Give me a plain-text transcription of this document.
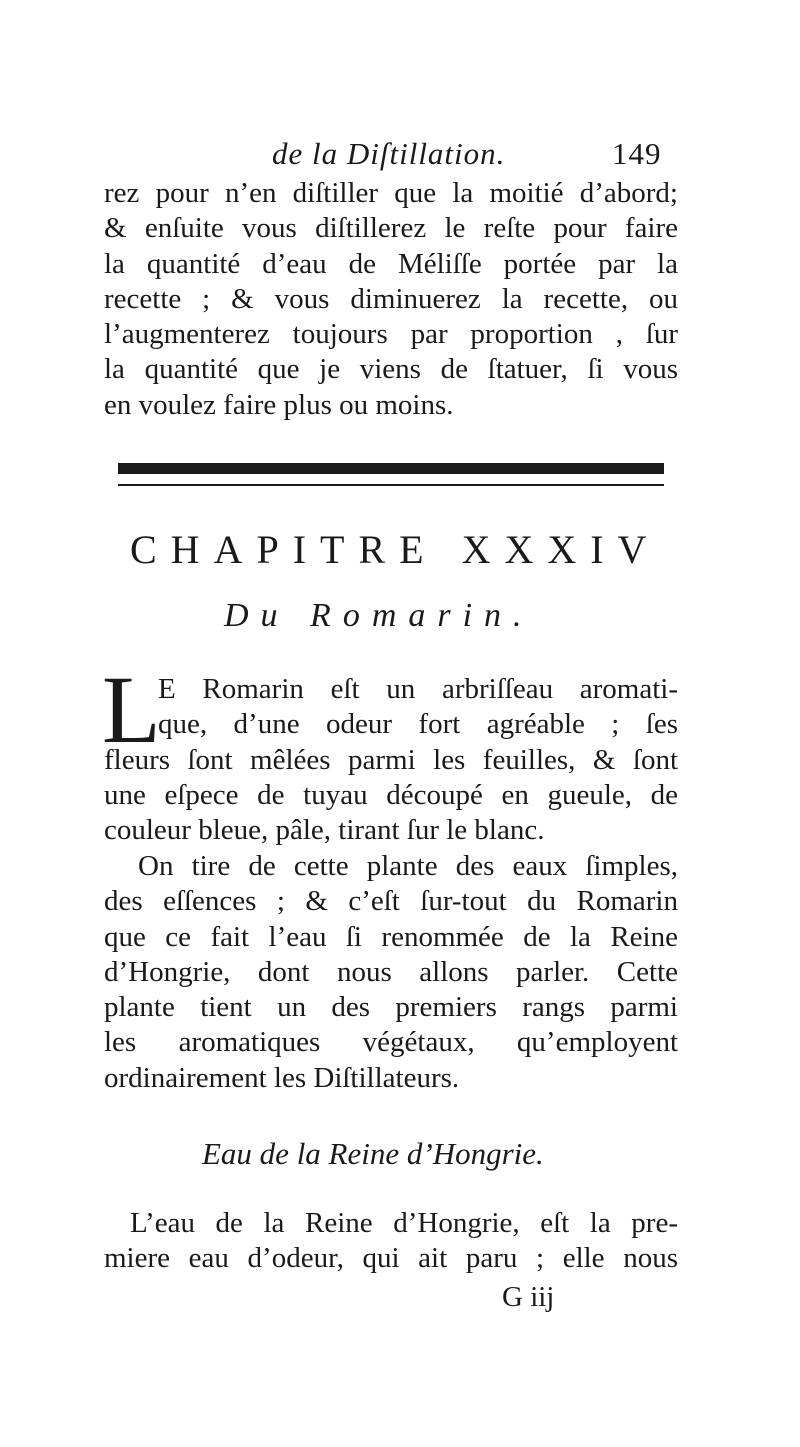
de la Diſtillation.	149
rez pour n’en diſtiller que la moitié d’abord;
& enſuite vous diſtillerez le reſte pour faire
la quantité d’eau de Méliſſe portée par la
recette ; & vous diminuerez la recette, ou
l’augmenterez toujours par proportion , ſur
la quantité que je viens de ſtatuer, ſi vous
en voulez faire plus ou moins.
CHAPITRE XXXIV
Du Romarin.
L
E Romarin eſt un arbriſſeau aromati-
que, d’une odeur fort agréable ; ſes
fleurs ſont mêlées parmi les feuilles, & ſont
une eſpece de tuyau découpé en gueule, de
couleur bleue, pâle, tirant ſur le blanc.
On tire de cette plante des eaux ſimples,
des eſſences ; & c’eſt ſur-tout du Romarin
que ce fait l’eau ſi renommée de la Reine
d’Hongrie, dont nous allons parler. Cette
plante tient un des premiers rangs parmi
les aromatiques végétaux, qu’employent
ordinairement les Diſtillateurs.
Eau de la Reine d’Hongrie.
L’eau de la Reine d’Hongrie, eſt la pre-
miere eau d’odeur, qui ait paru ; elle nous
G iij
